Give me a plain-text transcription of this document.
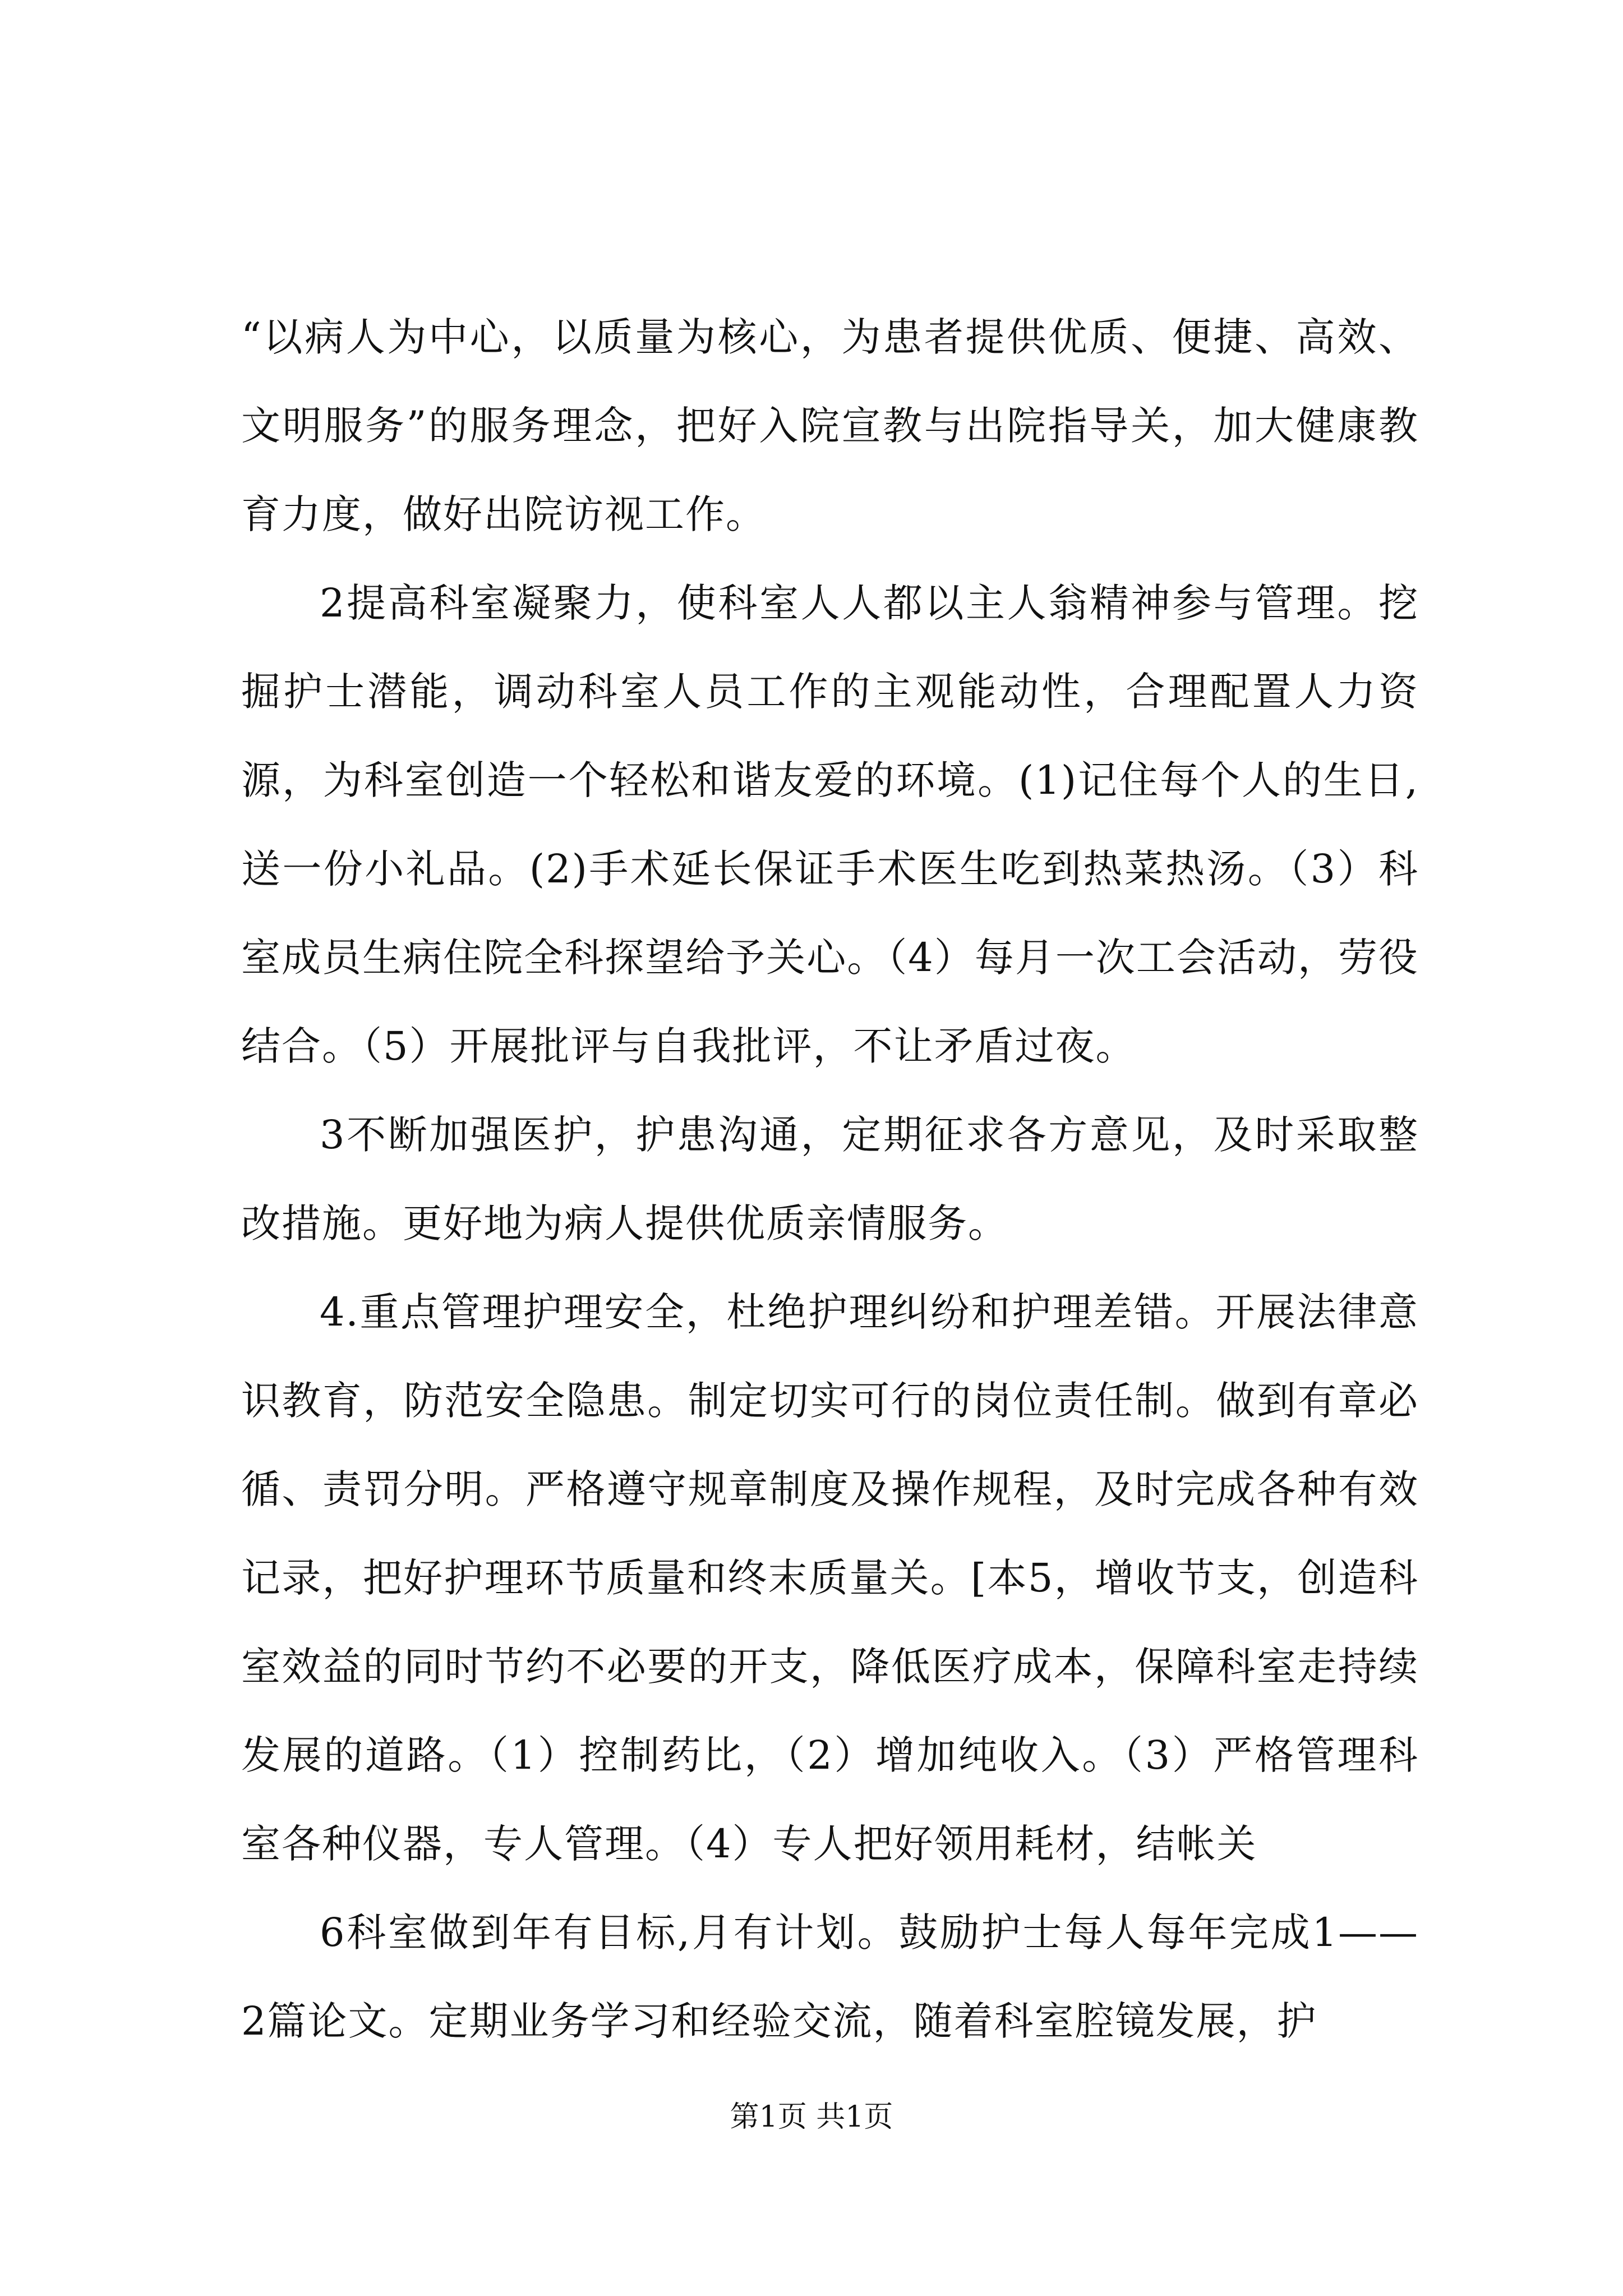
“以病人为中心，以质量为核心，为患者提供优质、便捷、高效、文明服务”的服务理念，把好入院宣教与出院指导关，加大健康教育力度，做好出院访视工作。

2提高科室凝聚力，使科室人人都以主人翁精神参与管理。挖掘护士潜能，调动科室人员工作的主观能动性，合理配置人力资源，为科室创造一个轻松和谐友爱的环境。(1)记住每个人的生日,送一份小礼品。(2)手术延长保证手术医生吃到热菜热汤。（3）科室成员生病住院全科探望给予关心。（4）每月一次工会活动，劳役结合。（5）开展批评与自我批评，不让矛盾过夜。

3不断加强医护，护患沟通，定期征求各方意见，及时采取整改措施。更好地为病人提供优质亲情服务。

4.重点管理护理安全，杜绝护理纠纷和护理差错。开展法律意识教育，防范安全隐患。制定切实可行的岗位责任制。做到有章必循、责罚分明。严格遵守规章制度及操作规程，及时完成各种有效记录，把好护理环节质量和终末质量关。[本5，增收节支，创造科室效益的同时节约不必要的开支，降低医疗成本，保障科室走持续发展的道路。（1）控制药比，（2）增加纯收入。（3）严格管理科室各种仪器，专人管理。（4）专人把好领用耗材，结帐关

6科室做到年有目标,月有计划。鼓励护士每人每年完成1——2篇论文。定期业务学习和经验交流，随着科室腔镜发展，护

第1页 共1页
